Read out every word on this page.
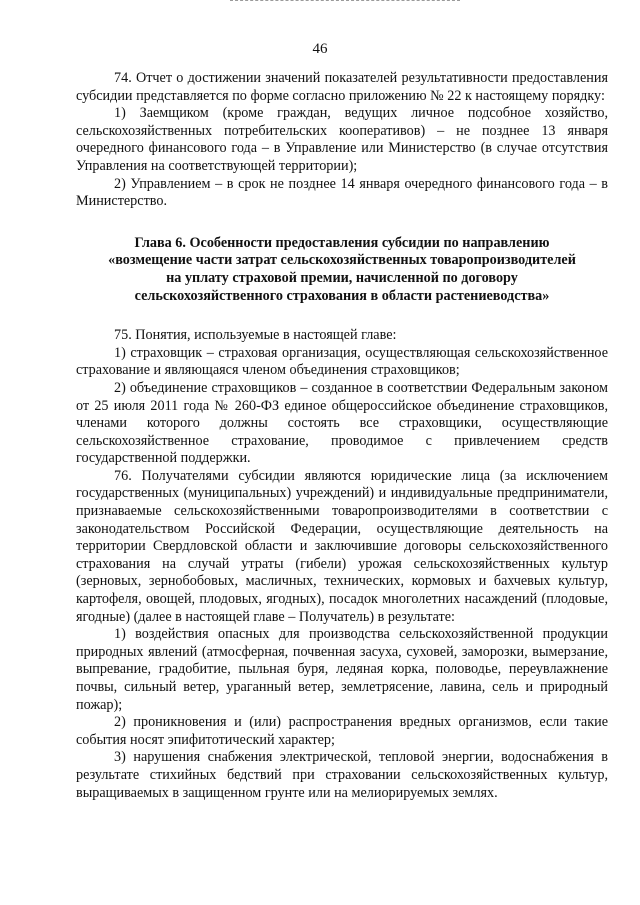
46

74. Отчет о достижении значений показателей результативности предоставления субсидии представляется по форме согласно приложению № 22 к настоящему порядку:

1) Заемщиком (кроме граждан, ведущих личное подсобное хозяйство, сельскохозяйственных потребительских кооперативов) – не позднее 13 января очередного финансового года – в Управление или Министерство (в случае отсутствия Управления на соответствующей территории);

2) Управлением – в срок не позднее 14 января очередного финансового года – в Министерство.

Глава 6. Особенности предоставления субсидии по направлению
«возмещение части затрат сельскохозяйственных товаропроизводителей
на уплату страховой премии, начисленной по договору
сельскохозяйственного страхования в области растениеводства»

75. Понятия, используемые в настоящей главе:

1) страховщик – страховая организация, осуществляющая сельскохозяйственное страхование и являющаяся членом объединения страховщиков;

2) объединение страховщиков – созданное в соответствии Федеральным законом от 25 июля 2011 года № 260-ФЗ единое общероссийское объединение страховщиков, членами которого должны состоять все страховщики, осуществляющие сельскохозяйственное страхование, проводимое с привлечением средств государственной поддержки.

76. Получателями субсидии являются юридические лица (за исключением государственных (муниципальных) учреждений) и индивидуальные предприниматели, признаваемые сельскохозяйственными товаропроизводителями в соответствии с законодательством Российской Федерации, осуществляющие деятельность на территории Свердловской области и заключившие договоры сельскохозяйственного страхования на случай утраты (гибели) урожая сельскохозяйственных культур (зерновых, зернобобовых, масличных, технических, кормовых и бахчевых культур, картофеля, овощей, плодовых, ягодных), посадок многолетних насаждений (плодовые, ягодные) (далее в настоящей главе – Получатель) в результате:

1) воздействия опасных для производства сельскохозяйственной продукции природных явлений (атмосферная, почвенная засуха, суховей, заморозки, вымерзание, выпревание, градобитие, пыльная буря, ледяная корка, половодье, переувлажнение почвы, сильный ветер, ураганный ветер, землетрясение, лавина, сель и природный пожар);

2) проникновения и (или) распространения вредных организмов, если такие события носят эпифитотический характер;

3) нарушения снабжения электрической, тепловой энергии, водоснабжения в результате стихийных бедствий при страховании сельскохозяйственных культур, выращиваемых в защищенном грунте или на мелиорируемых землях.
